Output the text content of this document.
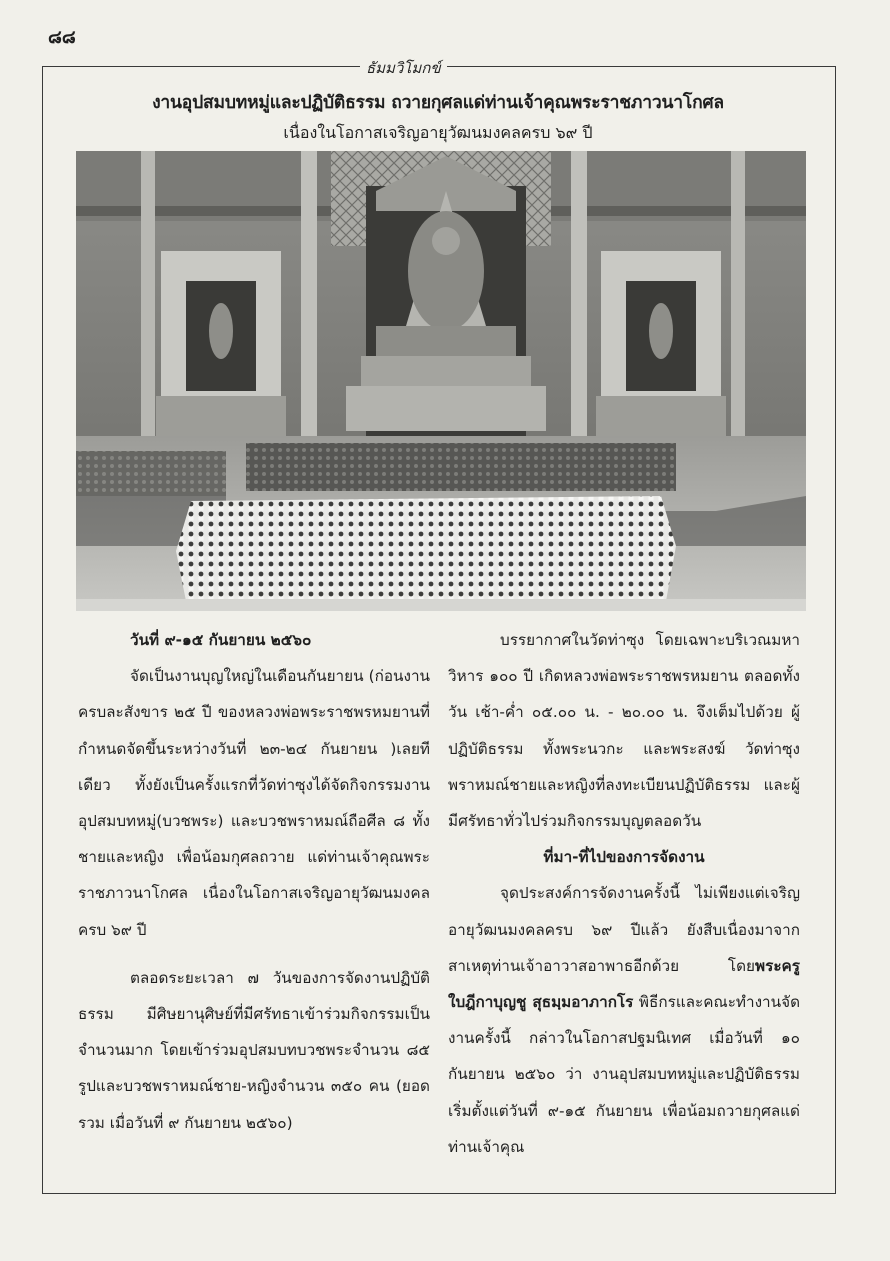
๘๘
ธัมมวิโมกข์
งานอุปสมบทหมู่และปฏิบัติธรรม ถวายกุศลแด่ท่านเจ้าคุณพระราชภาวนาโกศล
เนื่องในโอกาสเจริญอายุวัฒนมงคลครบ ๖๙ ปี

วันที่ ๙-๑๕ กันยายน ๒๕๖๐

จัดเป็นงานบุญใหญ่ในเดือนกันยายน (ก่อนงานครบละสังขาร ๒๕ ปี ของหลวงพ่อพระราชพรหมยานที่กำหนดจัดขึ้นระหว่างวันที่ ๒๓-๒๔ กันยายน )เลยทีเดียว ทั้งยังเป็นครั้งแรกที่วัดท่าซุงได้จัดกิจกรรมงานอุปสมบทหมู่(บวชพระ) และบวชพราหมณ์ถือศีล ๘ ทั้งชายและหญิง เพื่อน้อมกุศลถวาย แด่ท่านเจ้าคุณพระราชภาวนาโกศล เนื่องในโอกาสเจริญอายุวัฒนมงคลครบ ๖๙ ปี

ตลอดระยะเวลา ๗ วันของการจัดงานปฏิบัติธรรม มีศิษยานุศิษย์ที่มีศรัทธาเข้าร่วมกิจกรรมเป็นจำนวนมาก โดยเข้าร่วมอุปสมบทบวชพระจำนวน ๘๕ รูปและบวชพราหมณ์ชาย-หญิงจำนวน ๓๕๐ คน (ยอดรวม เมื่อวันที่ ๙ กันยายน ๒๕๖๐)

บรรยากาศในวัดท่าซุง โดยเฉพาะบริเวณมหาวิหาร ๑๐๐ ปี เกิดหลวงพ่อพระราชพรหมยาน ตลอดทั้งวัน เช้า-ค่ำ ๐๕.๐๐ น. - ๒๐.๐๐ น. จึงเต็มไปด้วย ผู้ปฏิบัติธรรม ทั้งพระนวกะ และพระสงฆ์ วัดท่าซุง พราหมณ์ชายและหญิงที่ลงทะเบียนปฏิบัติธรรม และผู้มีศรัทธาทั่วไปร่วมกิจกรรมบุญตลอดวัน

ที่มา-ที่ไปของการจัดงาน

จุดประสงค์การจัดงานครั้งนี้ ไม่เพียงแต่เจริญอายุวัฒนมงคลครบ ๖๙ ปีแล้ว ยังสืบเนื่องมาจาก สาเหตุท่านเจ้าอาวาสอาพาธอีกด้วย โดยพระครูใบฎีกาบุญชู สุธมฺมอาภากโร พิธีกรและคณะทำงานจัดงานครั้งนี้ กล่าวในโอกาสปฐมนิเทศ เมื่อวันที่ ๑๐ กันยายน ๒๕๖๐ ว่า งานอุปสมบทหมู่และปฏิบัติธรรม เริ่มตั้งแต่วันที่ ๙-๑๕ กันยายน เพื่อน้อมถวายกุศลแด่ท่านเจ้าคุณ
